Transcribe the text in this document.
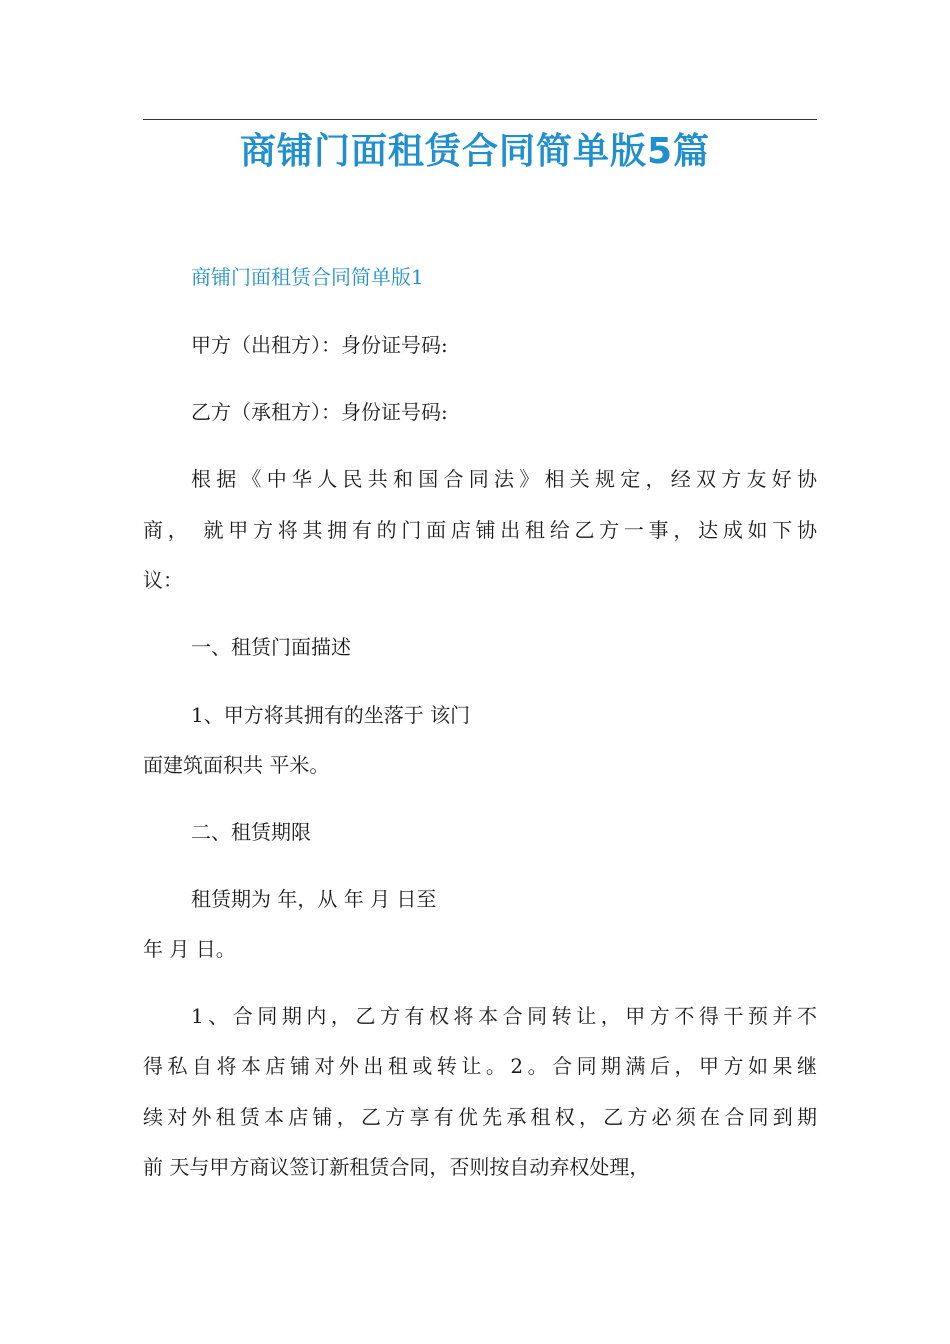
商铺门面租赁合同简单版5篇
商铺门面租赁合同简单版1
甲方（出租方）：身份证号码:
乙方（承租方）：身份证号码:
根据《中华人民共和国合同法》相关规定，经双方友好协
商， 就甲方将其拥有的门面店铺出租给乙方一事，达成如下协
议：
一、租赁门面描述
1、甲方将其拥有的坐落于 该门
面建筑面积共 平米。
二、租赁期限
租赁期为 年，从 年 月 日至
年 月 日。
1、合同期内，乙方有权将本合同转让，甲方不得干预并不
得私自将本店铺对外出租或转让。2。合同期满后，甲方如果继
续对外租赁本店铺，乙方享有优先承租权，乙方必须在合同到期
前 天与甲方商议签订新租赁合同，否则按自动弃权处理，
